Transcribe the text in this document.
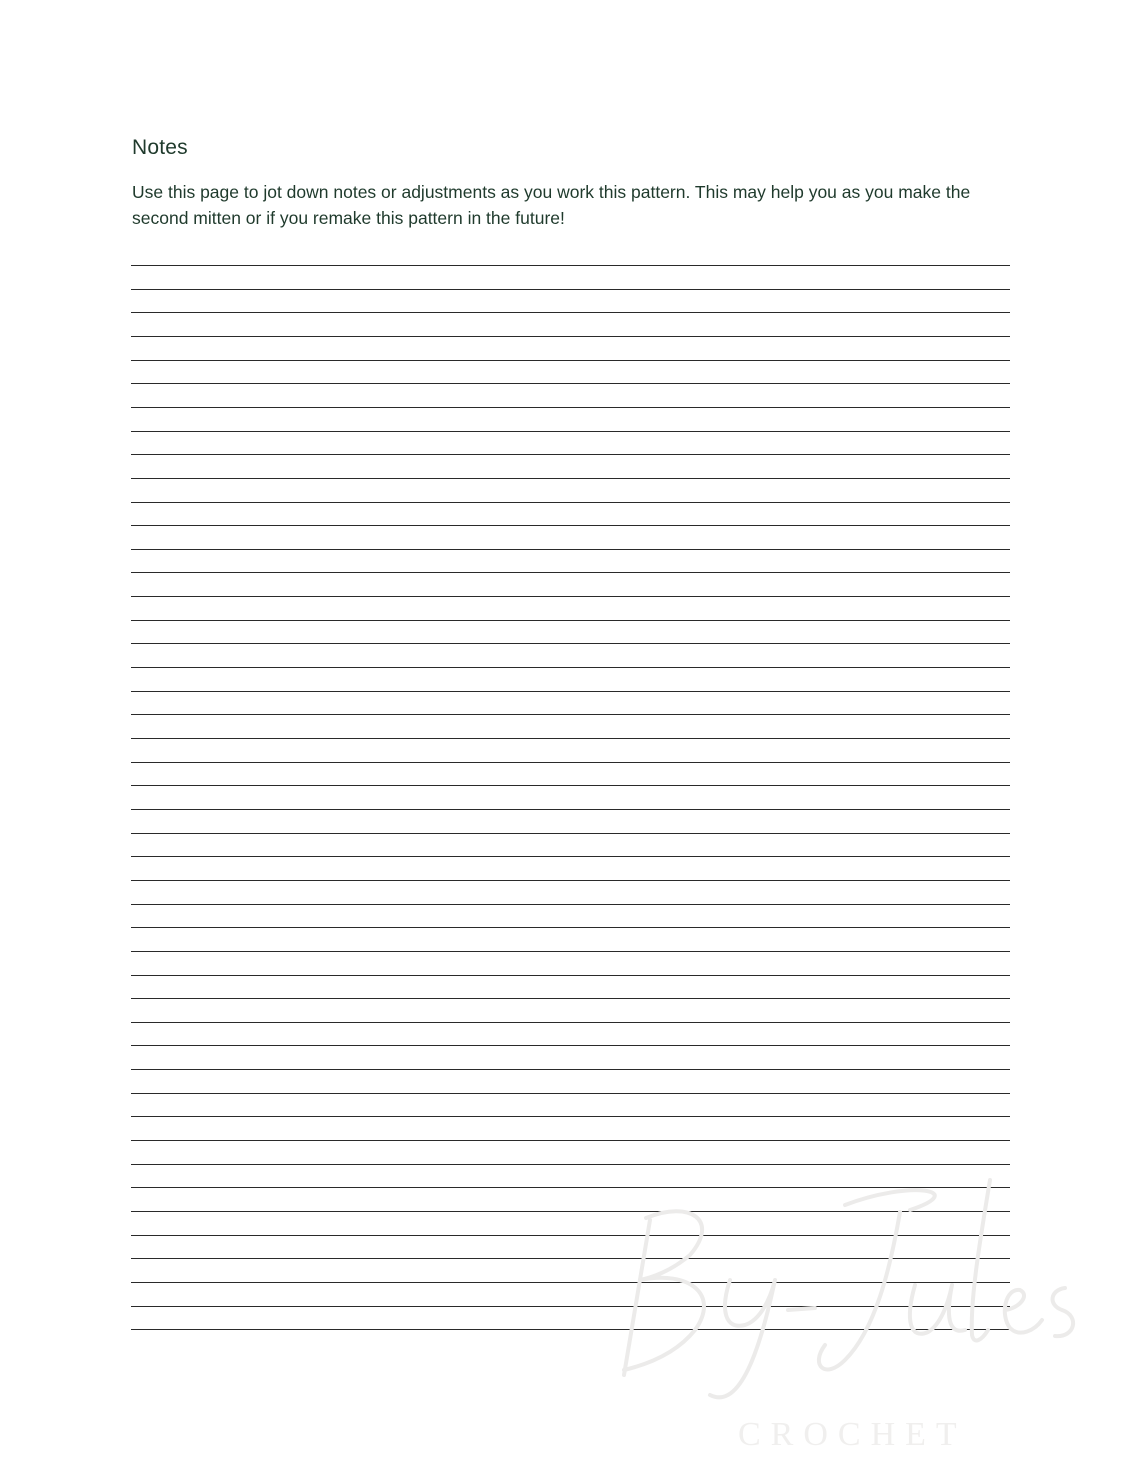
Notes
Use this page to jot down notes or adjustments as you work this pattern. This may help you as you make the second mitten or if you remake this pattern in the future!
CROCHET
